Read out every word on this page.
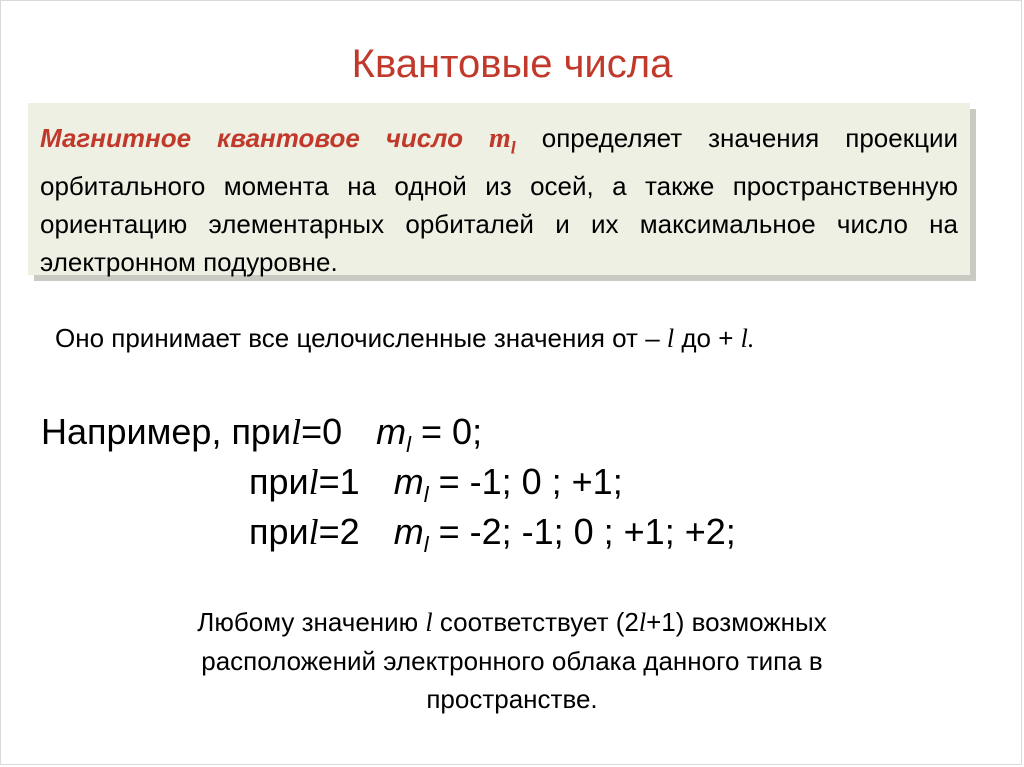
Квантовые числа

Магнитное квантовое число $m_l$ определяет значения проекции орбитального момента на одной из осей, а также пространственную ориентацию элементарных орбиталей и их максимальное число на электронном подуровне.

Оно принимает все целочисленные значения от – l до + l.

Например, приl=0 $m_l = 0$;

приl=1 $m_l = -1$; 0 ; +1;

приl=2 $m_l = -2$; -1; 0 ; +1; +2;

Любому значению l соответствует (2l+1) возможных
расположений электронного облака данного типа в
пространстве.
